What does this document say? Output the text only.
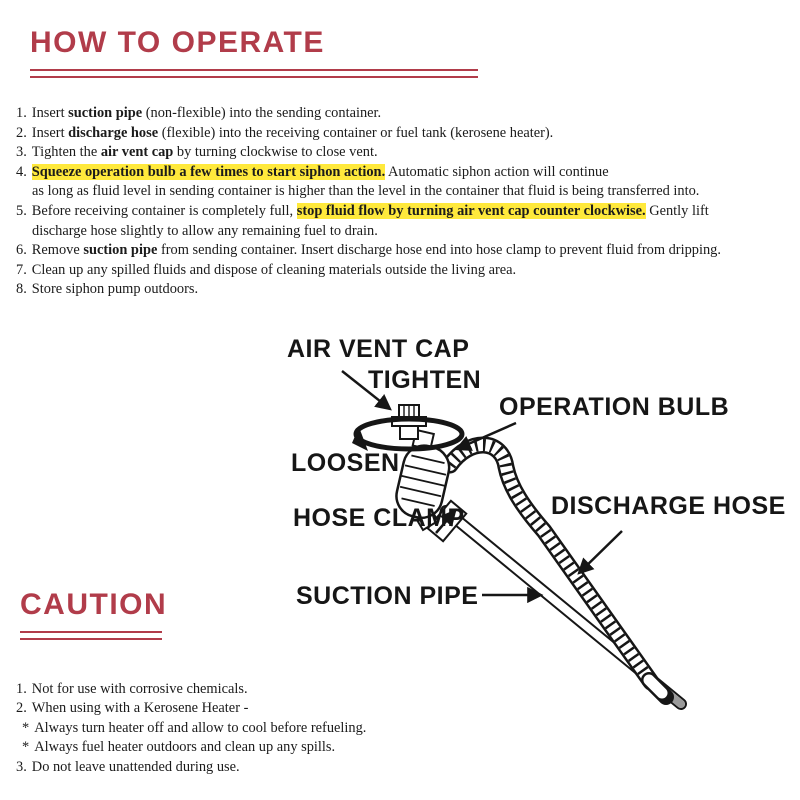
HOW TO OPERATE
1. Insert suction pipe (non-flexible) into the sending container.
2. Insert discharge hose (flexible) into the receiving container or fuel tank (kerosene heater).
3. Tighten the air vent cap by turning clockwise to close vent.
4. Squeeze operation bulb a few times to start siphon action. Automatic siphon action will continue
as long as fluid level in sending container is higher than the level in the container that fluid is being transferred into.
5. Before receiving container is completely full, stop fluid flow by turning air vent cap counter clockwise. Gently lift
discharge hose slightly to allow any remaining fuel to drain.
6. Remove suction pipe from sending container. Insert discharge hose end into hose clamp to prevent fluid from dripping.
7. Clean up any spilled fluids and dispose of cleaning materials outside the living area.
8. Store siphon pump outdoors.
AIR VENT CAP
TIGHTEN
OPERATION BULB
LOOSEN
HOSE CLAMP	DISCHARGE HOSE
SUCTION PIPE
CAUTION
1. Not for use with corrosive chemicals.
2. When using with a Kerosene Heater -
* Always turn heater off and allow to cool before refueling.
* Always fuel heater outdoors and clean up any spills.
3. Do not leave unattended during use.
